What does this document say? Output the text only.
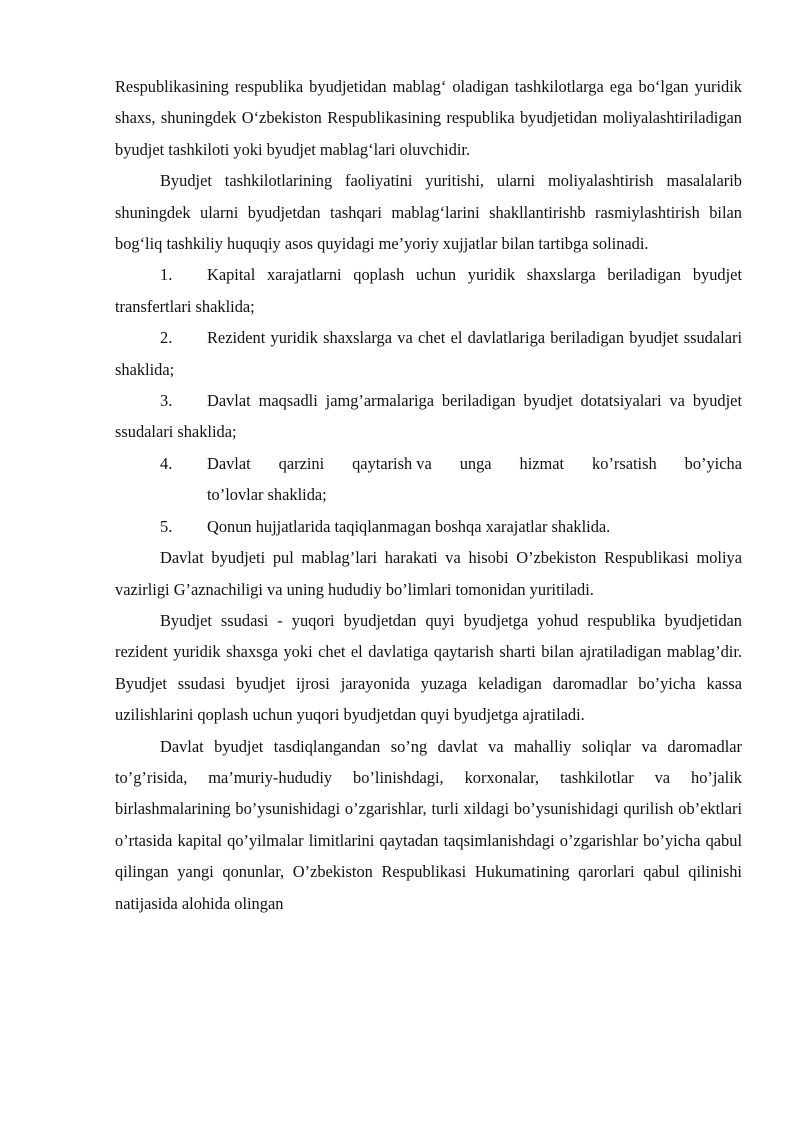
Respublikasining respublika byudjetidan mablag‘ oladigan tashkilotlarga ega bo‘lgan yuridik shaxs, shuningdek O‘zbekiston Respublikasining respublika byudjetidan moliyalashtiriladigan byudjet tashkiloti yoki byudjet mablag‘lari oluvchidir.

Byudjet tashkilotlarining faoliyatini yuritishi, ularni moliyalashtirish masalalarib shuningdek ularni byudjetdan tashqari mablag‘larini shakllantirishb rasmiylashtirish bilan bog‘liq tashkiliy huquqiy asos quyidagi me’yoriy xujjatlar bilan tartibga solinadi.

1. Kapital xarajatlarni qoplash uchun yuridik shaxslarga beriladigan byudjet transfertlari shaklida;
2. Rezident yuridik shaxslarga va chet el davlatlariga beriladigan byudjet ssudalari shaklida;
3. Davlat maqsadli jamg’armalariga beriladigan byudjet dotatsiyalari va byudjet ssudalari shaklida;
4.	Davlat qarzini qaytarish va unga hizmat ko’rsatish bo’yicha
to’lovlar shaklida;
5. Qonun hujjatlarida taqiqlanmagan boshqa xarajatlar shaklida.

Davlat byudjeti pul mablag’lari harakati va hisobi O’zbekiston Respublikasi moliya vazirligi G’aznachiligi va uning hududiy bo’limlari tomonidan yuritiladi.

Byudjet ssudasi - yuqori byudjetdan quyi byudjetga yohud respublika byudjetidan rezident yuridik shaxsga yoki chet el davlatiga qaytarish sharti bilan ajratiladigan mablag’dir. Byudjet ssudasi byudjet ijrosi jarayonida yuzaga keladigan daromadlar bo’yicha kassa uzilishlarini qoplash uchun yuqori byudjetdan quyi byudjetga ajratiladi.

Davlat byudjet tasdiqlangandan so’ng davlat va mahalliy soliqlar va daromadlar to’g’risida, ma’muriy-hududiy bo’linishdagi, korxonalar, tashkilotlar va ho’jalik birlashmalarining bo’ysunishidagi o’zgarishlar, turli xildagi bo’ysunishidagi qurilish ob’ektlari o’rtasida kapital qo’yilmalar limitlarini qaytadan taqsimlanishdagi o’zgarishlar bo’yicha qabul qilingan yangi qonunlar, O’zbekiston Respublikasi Hukumatining qarorlari qabul qilinishi natijasida alohida olingan
